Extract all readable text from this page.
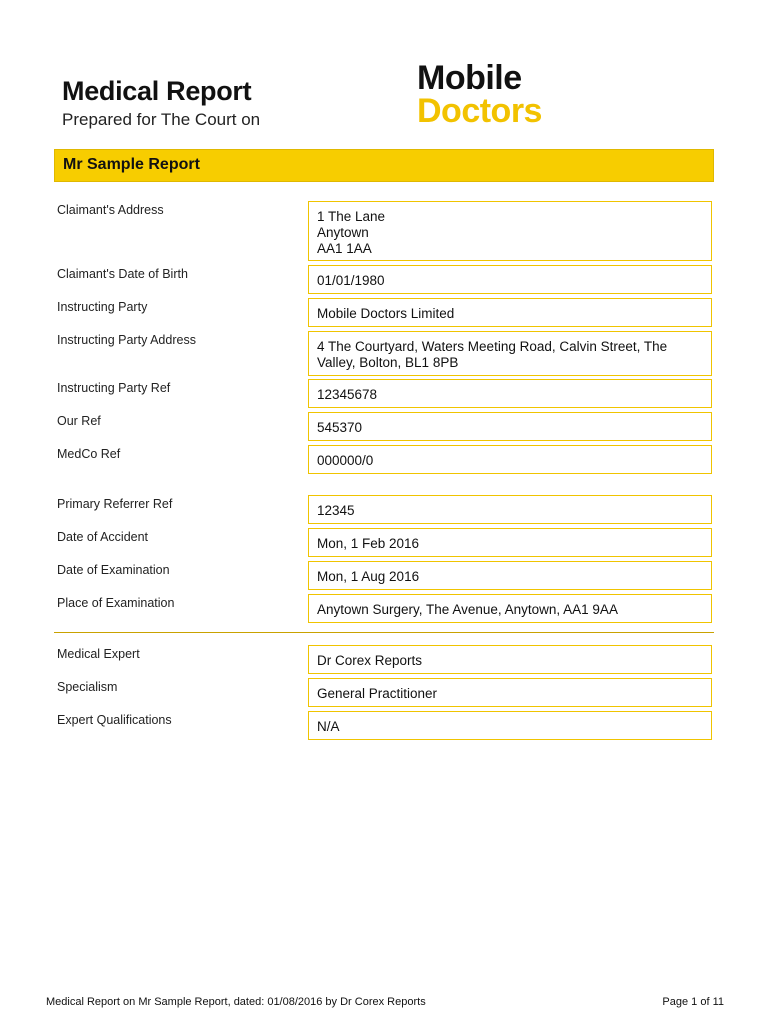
Medical Report
Prepared for The Court on
Mobile
Doctors
Mr Sample Report
Claimant's Address	1 The Lane
Anytown
AA1 1AA
Claimant's Date of Birth	01/01/1980
Instructing Party	Mobile Doctors Limited
Instructing Party Address	4 The Courtyard, Waters Meeting Road, Calvin Street, The
Valley, Bolton, BL1 8PB
Instructing Party Ref	12345678
Our Ref	545370
MedCo Ref	000000/0
Primary Referrer Ref	12345
Date of Accident	Mon, 1 Feb 2016
Date of Examination	Mon, 1 Aug 2016
Place of Examination	Anytown Surgery, The Avenue, Anytown, AA1 9AA
Medical Expert	Dr Corex Reports
Specialism	General Practitioner
Expert Qualifications	N/A
Medical Report on Mr Sample Report, dated: 01/08/2016 by Dr Corex Reports	Page 1 of 11
